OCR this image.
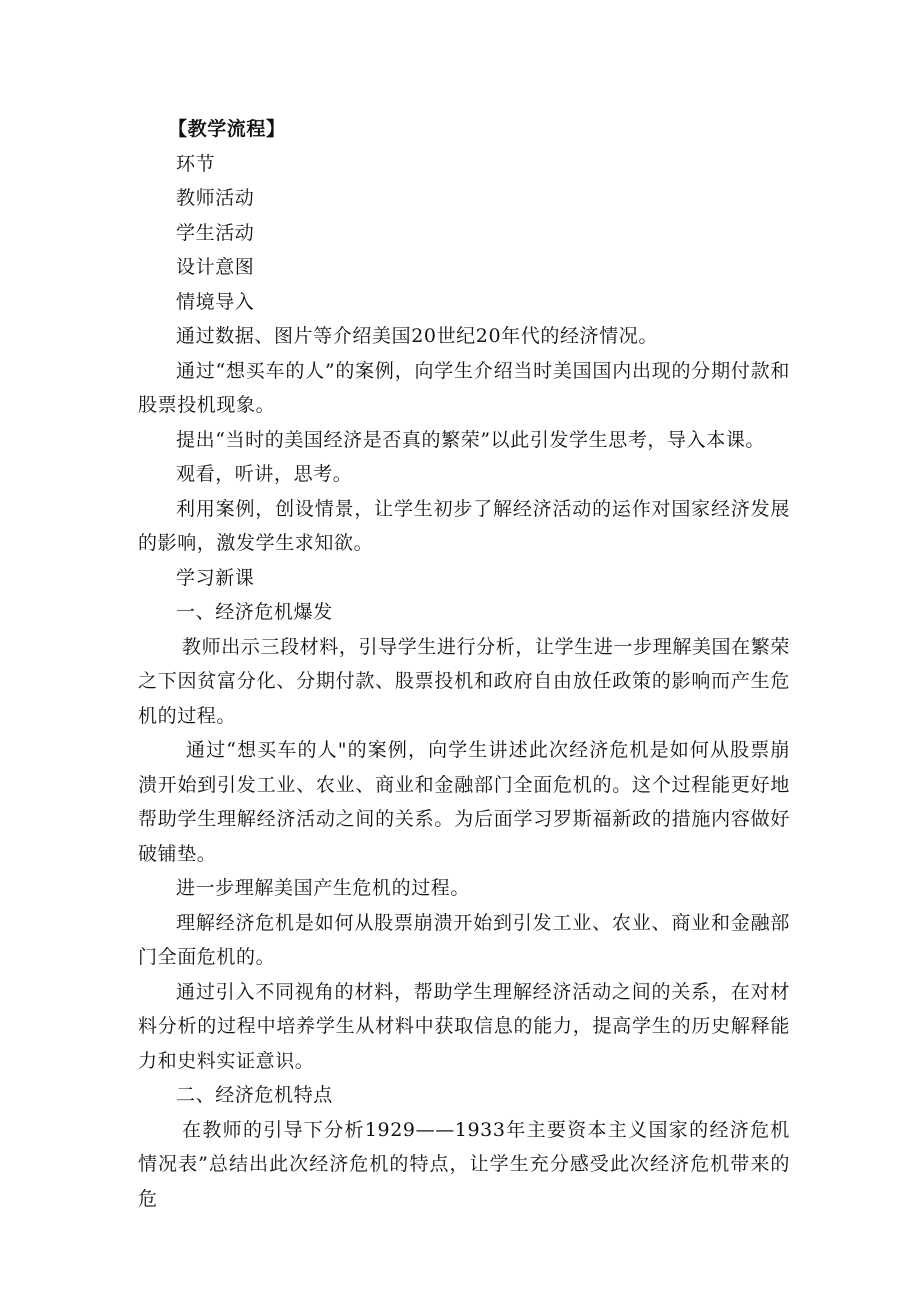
【教学流程】

环节

教师活动

学生活动

设计意图

情境导入

通过数据、图片等介绍美国20世纪20年代的经济情况。

通过“想买车的人”的案例，向学生介绍当时美国国内出现的分期付款和股票投机现象。

提出“当时的美国经济是否真的繁荣”以此引发学生思考，导入本课。

观看，听讲，思考。

利用案例，创设情景，让学生初步了解经济活动的运作对国家经济发展的影响，激发学生求知欲。

学习新课

一、经济危机爆发

教师出示三段材料，引导学生进行分析，让学生进一步理解美国在繁荣之下因贫富分化、分期付款、股票投机和政府自由放任政策的影响而产生危机的过程。

通过“想买车的人"的案例，向学生讲述此次经济危机是如何从股票崩溃开始到引发工业、农业、商业和金融部门全面危机的。这个过程能更好地帮助学生理解经济活动之间的关系。为后面学习罗斯福新政的措施内容做好破铺垫。

进一步理解美国产生危机的过程。

理解经济危机是如何从股票崩溃开始到引发工业、农业、商业和金融部门全面危机的。

通过引入不同视角的材料，帮助学生理解经济活动之间的关系，在对材料分析的过程中培养学生从材料中获取信息的能力，提高学生的历史解释能力和史料实证意识。

二、经济危机特点

在教师的引导下分析1929——1933年主要资本主义国家的经济危机情况表”总结出此次经济危机的特点，让学生充分感受此次经济危机带来的危
